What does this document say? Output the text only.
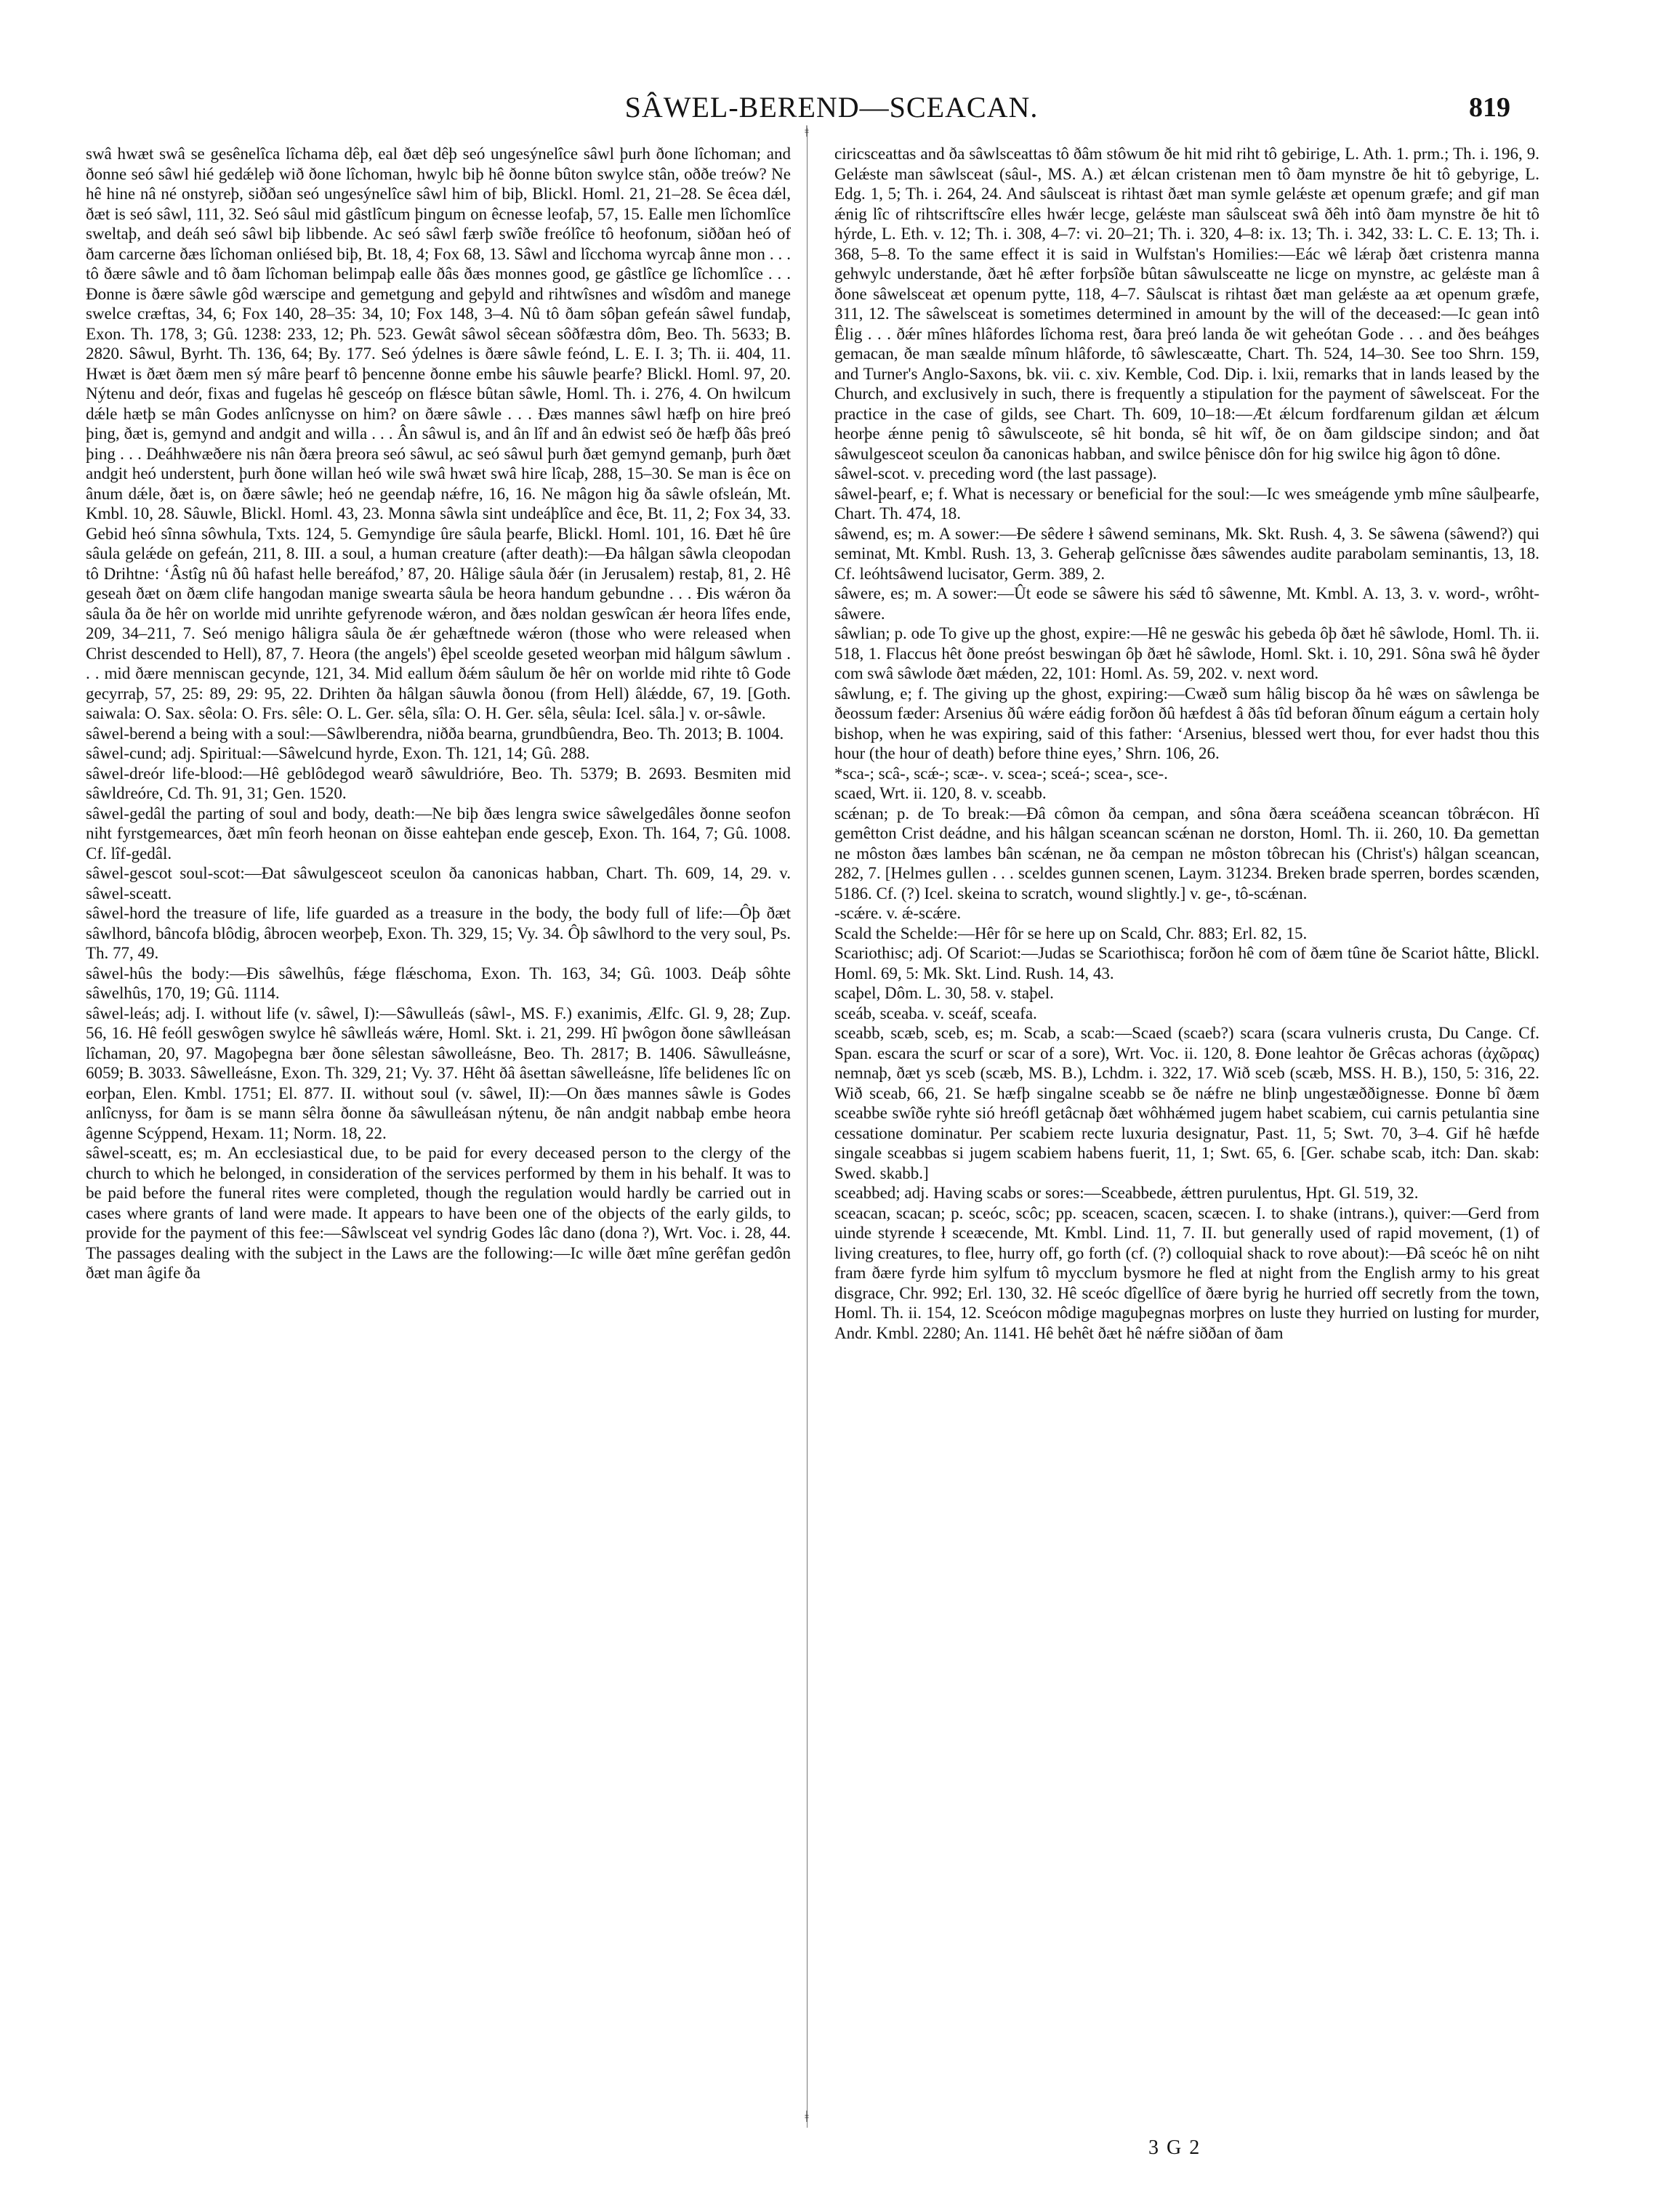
SÂWEL-BEREND—SCEACAN.	819
ǂ
ǂ

swâ hwæt swâ se gesênelîca lîchama dêþ, eal ðæt dêþ seó ungesýnelîce sâwl þurh ðone lîchoman; and ðonne seó sâwl hié gedǽleþ wið ðone lîchoman, hwylc biþ hê ðonne bûton swylce stân, oððe treów? Ne hê hine nâ né onstyreþ, siððan seó ungesýnelîce sâwl him of biþ, Blickl. Homl. 21, 21–28. Se êcea dǽl, ðæt is seó sâwl, 111, 32. Seó sâul mid gâstlîcum þingum on êcnesse leofaþ, 57, 15. Ealle men lîchomlîce sweltaþ, and deáh seó sâwl biþ libbende. Ac seó sâwl færþ swîðe freólîce tô heofonum, siððan heó of ðam carcerne ðæs lîchoman onliésed biþ, Bt. 18, 4; Fox 68, 13. Sâwl and lîcchoma wyrcaþ ânne mon . . . tô ðære sâwle and tô ðam lîchoman belimpaþ ealle ðâs ðæs monnes good, ge gâstlîce ge lîchomlîce . . . Ðonne is ðære sâwle gôd wærscipe and gemetgung and geþyld and rihtwîsnes and wîsdôm and manege swelce cræftas, 34, 6; Fox 140, 28–35: 34, 10; Fox 148, 3–4. Nû tô ðam sôþan gefeán sâwel fundaþ, Exon. Th. 178, 3; Gû. 1238: 233, 12; Ph. 523. Gewât sâwol sêcean sôðfæstra dôm, Beo. Th. 5633; B. 2820. Sâwul, Byrht. Th. 136, 64; By. 177. Seó ýdelnes is ðære sâwle feónd, L. E. I. 3; Th. ii. 404, 11. Hwæt is ðæt ðæm men sý mâre þearf tô þencenne ðonne embe his sâuwle þearfe? Blickl. Homl. 97, 20. Nýtenu and deór, fixas and fugelas hê gesceóp on flǽsce bûtan sâwle, Homl. Th. i. 276, 4. On hwilcum dǽle hætþ se mân Godes anlîcnysse on him? on ðære sâwle . . . Ðæs mannes sâwl hæfþ on hire þreó þing, ðæt is, gemynd and andgit and willa . . . Ân sâwul is, and ân lîf and ân edwist seó ðe hæfþ ðâs þreó þing . . . Deáhhwæðere nis nân ðæra þreora seó sâwul, ac seó sâwul þurh ðæt gemynd gemanþ, þurh ðæt andgit heó understent, þurh ðone willan heó wile swâ hwæt swâ hire lîcaþ, 288, 15–30. Se man is êce on ânum dǽle, ðæt is, on ðære sâwle; heó ne geendaþ nǽfre, 16, 16. Ne mâgon hig ða sâwle ofsleán, Mt. Kmbl. 10, 28. Sâuwle, Blickl. Homl. 43, 23. Monna sâwla sint undeáþlîce and êce, Bt. 11, 2; Fox 34, 33. Gebid heó sînna sôwhula, Txts. 124, 5. Gemyndige ûre sâula þearfe, Blickl. Homl. 101, 16. Ðæt hê ûre sâula gelǽde on gefeán, 211, 8. III. a soul, a human creature (after death):—Ða hâlgan sâwla cleopodan tô Drihtne: ‘Âstîg nû ðû hafast helle bereáfod,’ 87, 20. Hâlige sâula ðǽr (in Jerusalem) restaþ, 81, 2. Hê geseah ðæt on ðæm clife hangodan manige swearta sâula be heora handum gebundne . . . Ðis wǽron ða sâula ða ðe hêr on worlde mid unrihte gefyrenode wǽron, and ðæs noldan geswîcan ǽr heora lîfes ende, 209, 34–211, 7. Seó menigo hâligra sâula ðe ǽr gehæftnede wǽron (those who were released when Christ descended to Hell), 87, 7. Heora (the angels') êþel sceolde geseted weorþan mid hâlgum sâwlum . . . mid ðære menniscan gecynde, 121, 34. Mid eallum ðǽm sâulum ðe hêr on worlde mid rihte tô Gode gecyrraþ, 57, 25: 89, 29: 95, 22. Drihten ða hâlgan sâuwla ðonou (from Hell) âlǽdde, 67, 19. [Goth. saiwala: O. Sax. sêola: O. Frs. sêle: O. L. Ger. sêla, sîla: O. H. Ger. sêla, sêula: Icel. sâla.] v. or-sâwle.

sâwel-berend a being with a soul:—Sâwlberendra, niðða bearna, grundbûendra, Beo. Th. 2013; B. 1004.

sâwel-cund; adj. Spiritual:—Sâwelcund hyrde, Exon. Th. 121, 14; Gû. 288.

sâwel-dreór life-blood:—Hê geblôdegod wearð sâwuldriórе, Beo. Th. 5379; B. 2693. Besmiten mid sâwldreórе, Cd. Th. 91, 31; Gen. 1520.

sâwel-gedâl the parting of soul and body, death:—Ne biþ ðæs lengra swice sâwelgedâles ðonne seofon niht fyrstgemearces, ðæt mîn feorh heonan on ðisse eahteþan ende gesceþ, Exon. Th. 164, 7; Gû. 1008. Cf. lîf-gedâl.

sâwel-gescot soul-scot:—Ðat sâwulgesceot sceulon ða canonicas habban, Chart. Th. 609, 14, 29. v. sâwel-sceatt.

sâwel-hord the treasure of life, life guarded as a treasure in the body, the body full of life:—Ôþ ðæt sâwlhord, bâncofa blôdig, âbrocen weorþeþ, Exon. Th. 329, 15; Vy. 34. Ôþ sâwlhord to the very soul, Ps. Th. 77, 49.

sâwel-hûs the body:—Ðis sâwelhûs, fǽge flǽschoma, Exon. Th. 163, 34; Gû. 1003. Deáþ sôhte sâwelhûs, 170, 19; Gû. 1114.

sâwel-leás; adj. I. without life (v. sâwel, I):—Sâwulleás (sâwl-, MS. F.) exanimis, Ælfc. Gl. 9, 28; Zup. 56, 16. Hê feóll geswôgen swylce hê sâwlleás wǽre, Homl. Skt. i. 21, 299. Hî þwôgon ðone sâwlleásan lîchaman, 20, 97. Magoþegna bær ðone sêlestan sâwolleásne, Beo. Th. 2817; B. 1406. Sâwulleásne, 6059; B. 3033. Sâwelleásne, Exon. Th. 329, 21; Vy. 37. Hêht ðâ âsettan sâwelleásne, lîfe belidenes lîc on eorþan, Elen. Kmbl. 1751; El. 877. II. without soul (v. sâwel, II):—On ðæs mannes sâwle is Godes anlîcnyss, for ðam is se mann sêlra ðonne ða sâwulleásan nýtenu, ðe nân andgit nabbaþ embe heora âgenne Scýppend, Hexam. 11; Norm. 18, 22.

sâwel-sceatt, es; m. An ecclesiastical due, to be paid for every deceased person to the clergy of the church to which he belonged, in consideration of the services performed by them in his behalf. It was to be paid before the funeral rites were completed, though the regulation would hardly be carried out in cases where grants of land were made. It appears to have been one of the objects of the early gilds, to provide for the payment of this fee:—Sâwlsceat vel syndrig Godes lâc dano (dona ?), Wrt. Voc. i. 28, 44. The passages dealing with the subject in the Laws are the following:—Ic wille ðæt mîne gerêfan gedôn ðæt man âgife ða

ciricsceattas and ða sâwlsceattas tô ðâm stôwum ðe hit mid riht tô gebirige, L. Ath. 1. prm.; Th. i. 196, 9. Gelǽste man sâwlsceat (sâul-, MS. A.) æt ǽlcan cristenan men tô ðam mynstre ðe hit tô gebyrige, L. Edg. 1, 5; Th. i. 264, 24. And sâulsceat is rihtast ðæt man symle gelǽste æt openum græfe; and gif man ǽnig lîc of rihtscriftscîre elles hwǽr lecge, gelǽste man sâulsceat swâ ðêh intô ðam mynstre ðe hit tô hýrde, L. Eth. v. 12; Th. i. 308, 4–7: vi. 20–21; Th. i. 320, 4–8: ix. 13; Th. i. 342, 33: L. C. E. 13; Th. i. 368, 5–8. To the same effect it is said in Wulfstan's Homilies:—Eác wê lǽraþ ðæt cristenra manna gehwylc understande, ðæt hê æfter forþsîðe bûtan sâwulsceatte ne licge on mynstre, ac gelǽste man â ðone sâwelsceat æt openum pytte, 118, 4–7. Sâulscat is rihtast ðæt man gelǽste aa æt openum græfe, 311, 12. The sâwelsceat is sometimes determined in amount by the will of the deceased:—Ic gean intô Êlig . . . ðǽr mînes hlâfordes lîchoma rest, ðara þreó landa ðe wit geheótan Gode . . . and ðes beáhges gemacan, ðe man sæalde mînum hlâforde, tô sâwlescæatte, Chart. Th. 524, 14–30. See too Shrn. 159, and Turner's Anglo-Saxons, bk. vii. c. xiv. Kemble, Cod. Dip. i. lxii, remarks that in lands leased by the Church, and exclusively in such, there is frequently a stipulation for the payment of sâwelsceat. For the practice in the case of gilds, see Chart. Th. 609, 10–18:—Æt ǽlcum fordfarenum gildan æt ǽlcum heorþe ǽnne penig tô sâwulsceote, sê hit bonda, sê hit wîf, ðe on ðam gildscipe sindon; and ðat sâwulgesceot sceulon ða canonicas habban, and swilce þênisce dôn for hig swilce hig âgon tô dône.

sâwel-scot. v. preceding word (the last passage).

sâwel-þearf, e; f. What is necessary or beneficial for the soul:—Ic wes smeágende ymb mîne sâulþearfe, Chart. Th. 474, 18.

sâwend, es; m. A sower:—Ðe sêdere ł sâwend seminans, Mk. Skt. Rush. 4, 3. Se sâwena (sâwend?) qui seminat, Mt. Kmbl. Rush. 13, 3. Geheraþ gelîcnisse ðæs sâwendes audite parabolam seminantis, 13, 18. Cf. leóhtsâwend lucisator, Germ. 389, 2.

sâwere, es; m. A sower:—Ût eode se sâwere his sǽd tô sâwenne, Mt. Kmbl. A. 13, 3. v. word-, wrôht-sâwere.

sâwlian; p. ode To give up the ghost, expire:—Hê ne geswâc his gebeda ôþ ðæt hê sâwlode, Homl. Th. ii. 518, 1. Flaccus hêt ðone preóst beswingan ôþ ðæt hê sâwlode, Homl. Skt. i. 10, 291. Sôna swâ hê ðyder com swâ sâwlode ðæt mǽden, 22, 101: Homl. As. 59, 202. v. next word.

sâwlung, e; f. The giving up the ghost, expiring:—Cwæð sum hâlig biscop ða hê wæs on sâwlenga be ðeossum fæder: Arsenius ðû wǽre eádig forðon ðû hæfdest â ðâs tîd beforan ðînum eágum a certain holy bishop, when he was expiring, said of this father: ‘Arsenius, blessed wert thou, for ever hadst thou this hour (the hour of death) before thine eyes,’ Shrn. 106, 26.

*sca-; scâ-, scǽ-; scæ-. v. scea-; sceá-; scea-, sce-.

scaed, Wrt. ii. 120, 8. v. sceabb.

scǽnan; p. de To break:—Ðâ cômon ða cempan, and sôna ðæra sceáðena sceancan tôbrǽcon. Hî gemêtton Crist deádne, and his hâlgan sceancan scǽnan ne dorston, Homl. Th. ii. 260, 10. Ða gemettan ne môston ðæs lambes bân scǽnan, ne ða cempan ne môston tôbrecan his (Christ's) hâlgan sceancan, 282, 7. [Helmes gullen . . . sceldes gunnen scenen, Laym. 31234. Breken brade sperren, bordes scænden, 5186. Cf. (?) Icel. skeina to scratch, wound slightly.] v. ge-, tô-scǽnan.

-scǽre. v. ǽ-scǽre.

Scald the Schelde:—Hêr fôr se here up on Scald, Chr. 883; Erl. 82, 15.

Scariothisc; adj. Of Scariot:—Judas se Scariothisca; forðon hê com of ðæm tûne ðe Scariot hâtte, Blickl. Homl. 69, 5: Mk. Skt. Lind. Rush. 14, 43.

scaþel, Dôm. L. 30, 58. v. staþel.

sceáb, sceaba. v. sceáf, sceafa.

sceabb, scæb, sceb, es; m. Scab, a scab:—Scaed (scaeb?) scara (scara vulneris crusta, Du Cange. Cf. Span. escara the scurf or scar of a sore), Wrt. Voc. ii. 120, 8. Ðone leahtor ðe Grêcas achoras (ἀχῶρας) nemnaþ, ðæt ys sceb (scæb, MS. B.), Lchdm. i. 322, 17. Wið sceb (scæb, MSS. H. B.), 150, 5: 316, 22. Wið sceab, 66, 21. Se hæfþ singalne sceabb se ðe nǽfre ne blinþ ungestæððignesse. Ðonne bî ðæm sceabbe swîðe ryhte sió hreófl getâcnaþ ðæt wôhhǽmed jugem habet scabiem, cui carnis petulantia sine cessatione dominatur. Per scabiem recte luxuria designatur, Past. 11, 5; Swt. 70, 3–4. Gif hê hæfde singale sceabbas si jugem scabiem habens fuerit, 11, 1; Swt. 65, 6. [Ger. schabe scab, itch: Dan. skab: Swed. skabb.]

sceabbed; adj. Having scabs or sores:—Sceabbede, ǽttren purulentus, Hpt. Gl. 519, 32.

sceacan, scacan; p. sceóc, scôc; pp. sceacen, scacen, scæcen. I. to shake (intrans.), quiver:—Gerd from uinde styrende ł sceæcende, Mt. Kmbl. Lind. 11, 7. II. but generally used of rapid movement, (1) of living creatures, to flee, hurry off, go forth (cf. (?) colloquial shack to rove about):—Ðâ sceóc hê on niht fram ðære fyrde him sylfum tô mycclum bysmore he fled at night from the English army to his great disgrace, Chr. 992; Erl. 130, 32. Hê sceóc dîgellîce of ðære byrig he hurried off secretly from the town, Homl. Th. ii. 154, 12. Sceócon môdige maguþegnas morþres on luste they hurried on lusting for murder, Andr. Kmbl. 2280; An. 1141. Hê behêt ðæt hê nǽfre siððan of ðam

3 G 2
